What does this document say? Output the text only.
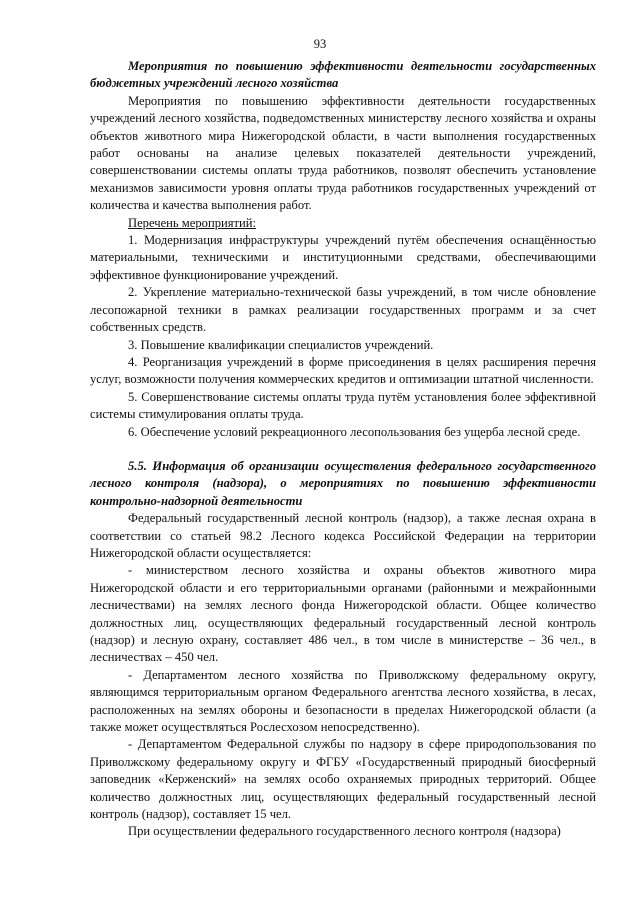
93

Мероприятия по повышению эффективности деятельности государственных бюджетных учреждений лесного хозяйства

Мероприятия по повышению эффективности деятельности государственных учреждений лесного хозяйства, подведомственных министерству лесного хозяйства и охраны объектов животного мира Нижегородской области, в части выполнения государственных работ основаны на анализе целевых показателей деятельности учреждений, совершенствовании системы оплаты труда работников, позволят обеспечить установление механизмов зависимости уровня оплаты труда работников государственных учреждений от количества и качества выполнения работ.

Перечень мероприятий:

1. Модернизация инфраструктуры учреждений путём обеспечения оснащённостью материальными, техническими и институционными средствами, обеспечивающими эффективное функционирование учреждений.

2. Укрепление материально-технической базы учреждений, в том числе обновление лесопожарной техники в рамках реализации государственных программ и за счет собственных средств.

3. Повышение квалификации специалистов учреждений.

4. Реорганизация учреждений в форме присоединения в целях расширения перечня услуг, возможности получения коммерческих кредитов и оптимизации штатной численности.

5. Совершенствование системы оплаты труда путём установления более эффективной системы стимулирования оплаты труда.

6. Обеспечение условий рекреационного лесопользования без ущерба лесной среде.

5.5. Информация об организации осуществления федерального государственного лесного контроля (надзора), о мероприятиях по повышению эффективности контрольно-надзорной деятельности

Федеральный государственный лесной контроль (надзор), а также лесная охрана в соответствии со статьей 98.2 Лесного кодекса Российской Федерации на территории Нижегородской области осуществляется:

- министерством лесного хозяйства и охраны объектов животного мира Нижегородской области и его территориальными органами (районными и межрайонными лесничествами) на землях лесного фонда Нижегородской области. Общее количество должностных лиц, осуществляющих федеральный государственный лесной контроль (надзор) и лесную охрану, составляет 486 чел., в том числе в министерстве – 36 чел., в лесничествах – 450 чел.

- Департаментом лесного хозяйства по Приволжскому федеральному округу, являющимся территориальным органом Федерального агентства лесного хозяйства, в лесах, расположенных на землях обороны и безопасности в пределах Нижегородской области (а также может осуществляться Рослесхозом непосредственно).

- Департаментом Федеральной службы по надзору в сфере природопользования по Приволжскому федеральному округу и ФГБУ «Государственный природный биосферный заповедник «Керженский» на землях особо охраняемых природных территорий. Общее количество должностных лиц, осуществляющих федеральный государственный лесной контроль (надзор), составляет 15 чел.

При осуществлении федерального государственного лесного контроля (надзора)
